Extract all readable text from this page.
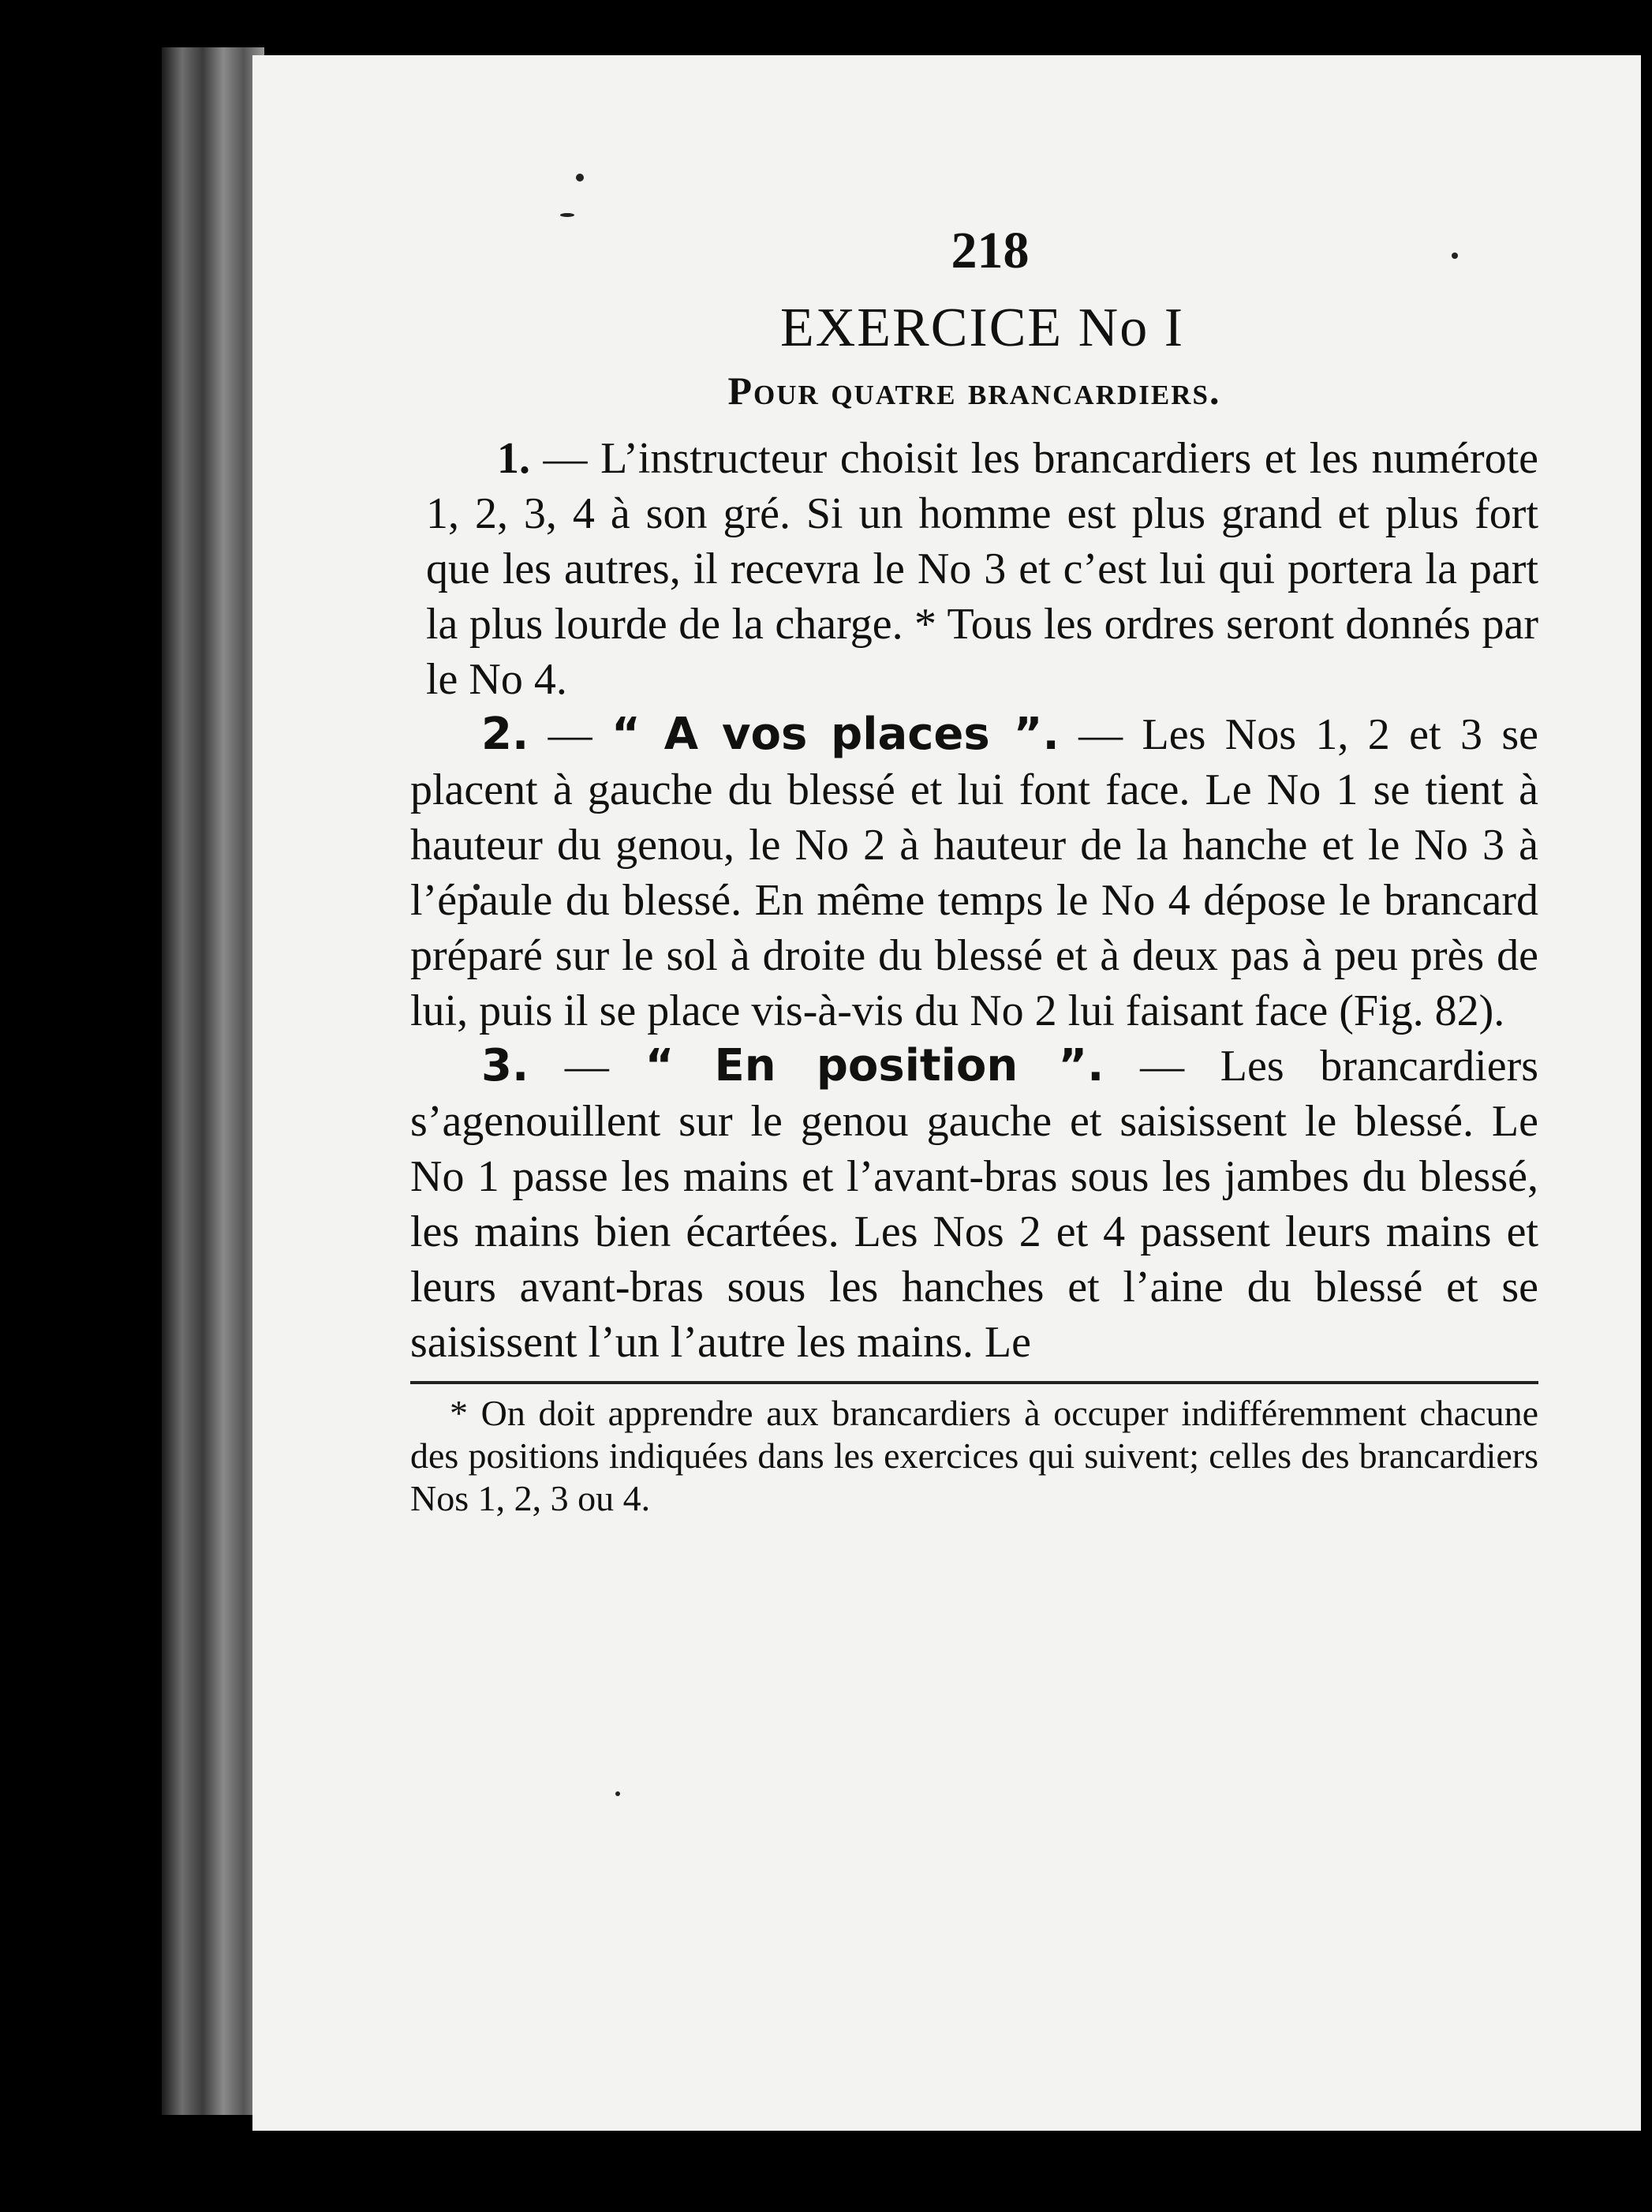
218
EXERCICE No I
Pour quatre brancardiers.

1. — L’instructeur choisit les brancardiers et les numérote 1, 2, 3, 4 à son gré. Si un homme est plus grand et plus fort que les autres, il recevra le No 3 et c’est lui qui portera la part la plus lourde de la charge. * Tous les ordres seront donnés par le No 4.

2. — “ A vos places ”. — Les Nos 1, 2 et 3 se placent à gauche du blessé et lui font face. Le No 1 se tient à hauteur du genou, le No 2 à hauteur de la hanche et le No 3 à l’épaule du blessé. En même temps le No 4 dépose le brancard préparé sur le sol à droite du blessé et à deux pas à peu près de lui, puis il se place vis-à-vis du No 2 lui faisant face (Fig. 82).

3. — “ En position ”. — Les brancardiers s’agenouillent sur le genou gauche et saisissent le blessé. Le No 1 passe les mains et l’avant-bras sous les jambes du blessé, les mains bien écartées. Les Nos 2 et 4 passent leurs mains et leurs avant-bras sous les hanches et l’aine du blessé et se saisissent l’un l’autre les mains. Le

* On doit apprendre aux brancardiers à occuper indifféremment chacune des positions indiquées dans les exercices qui suivent; celles des brancardiers Nos 1, 2, 3 ou 4.
